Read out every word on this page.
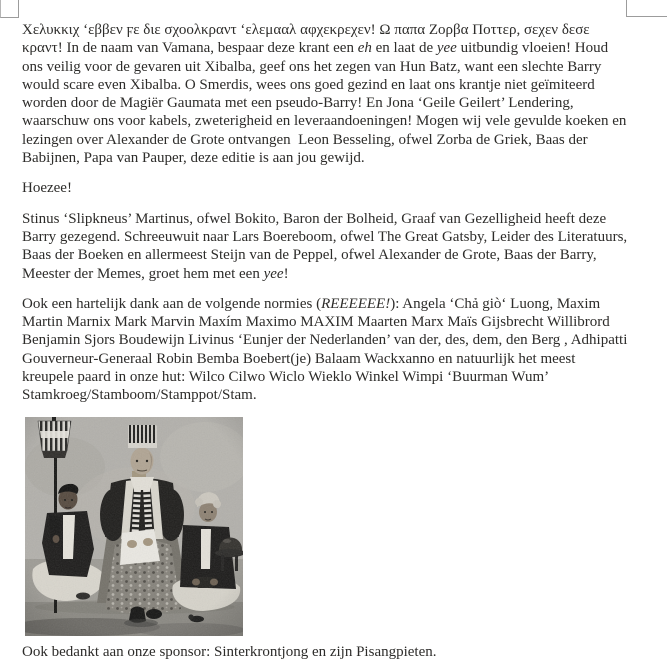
Χελυκκιχ ‘εββεν ϝε διε σχοολκραντ ‘ελεμααλ αφχεκρεχεν! Ω παπα Ζορβα Ποττερ, σεχεν δεσε κραντ! In de naam van Vamana, bespaar deze krant een eh en laat de yee uitbundig vloeien! Houd ons veilig voor de gevaren uit Xibalba, geef ons het zegen van Hun Batz, want een slechte Barry would scare even Xibalba. O Smerdis, wees ons goed gezind en laat ons krantje niet geïmiteerd worden door de Magiër Gaumata met een pseudo-Barry! En Jona ‘Geile Geilert’ Lendering, waarschuw ons voor kabels, zweterigheid en leveraandoeningen! Mogen wij vele gevulde koeken en lezingen over Alexander de Grote ontvangen  Leon Besseling, ofwel Zorba de Griek, Baas der Babijnen, Papa van Pauper, deze editie is aan jou gewijd.

Hoezee!

Stinus ‘Slipkneus’ Martinus, ofwel Bokito, Baron der Bolheid, Graaf van Gezelligheid heeft deze Barry gezegend. Schreeuwuit naar Lars Boereboom, ofwel The Great Gatsby, Leider des Literatuurs, Baas der Boeken en allermeest Steijn van de Peppel, ofwel Alexander de Grote, Baas der Barry, Meester der Memes, groet hem met een yee!

Ook een hartelijk dank aan de volgende normies (REEEEEE!): Angela ‘Chả giò‘ Luong, Maxim Martin Marnix Mark Marvin Maxím Maximo MAXIM Maarten Marx Maïs Gijsbrecht Willibrord Benjamin Sjors Boudewijn Livinus ‘Eunjer der Nederlanden’ van der, des, dem, den Berg , Adhipatti Gouverneur-Generaal Robin Bemba Boebert(je) Balaam Wackxanno en natuurlijk het meest kreupele paard in onze hut: Wilco Cilwo Wiclo Wieklo Winkel Wimpi ‘Buurman Wum’ Stamkroeg/Stamboom/Stamppot/Stam.

Ook bedankt aan onze sponsor: Sinterkrontjong en zijn Pisangpieten.
